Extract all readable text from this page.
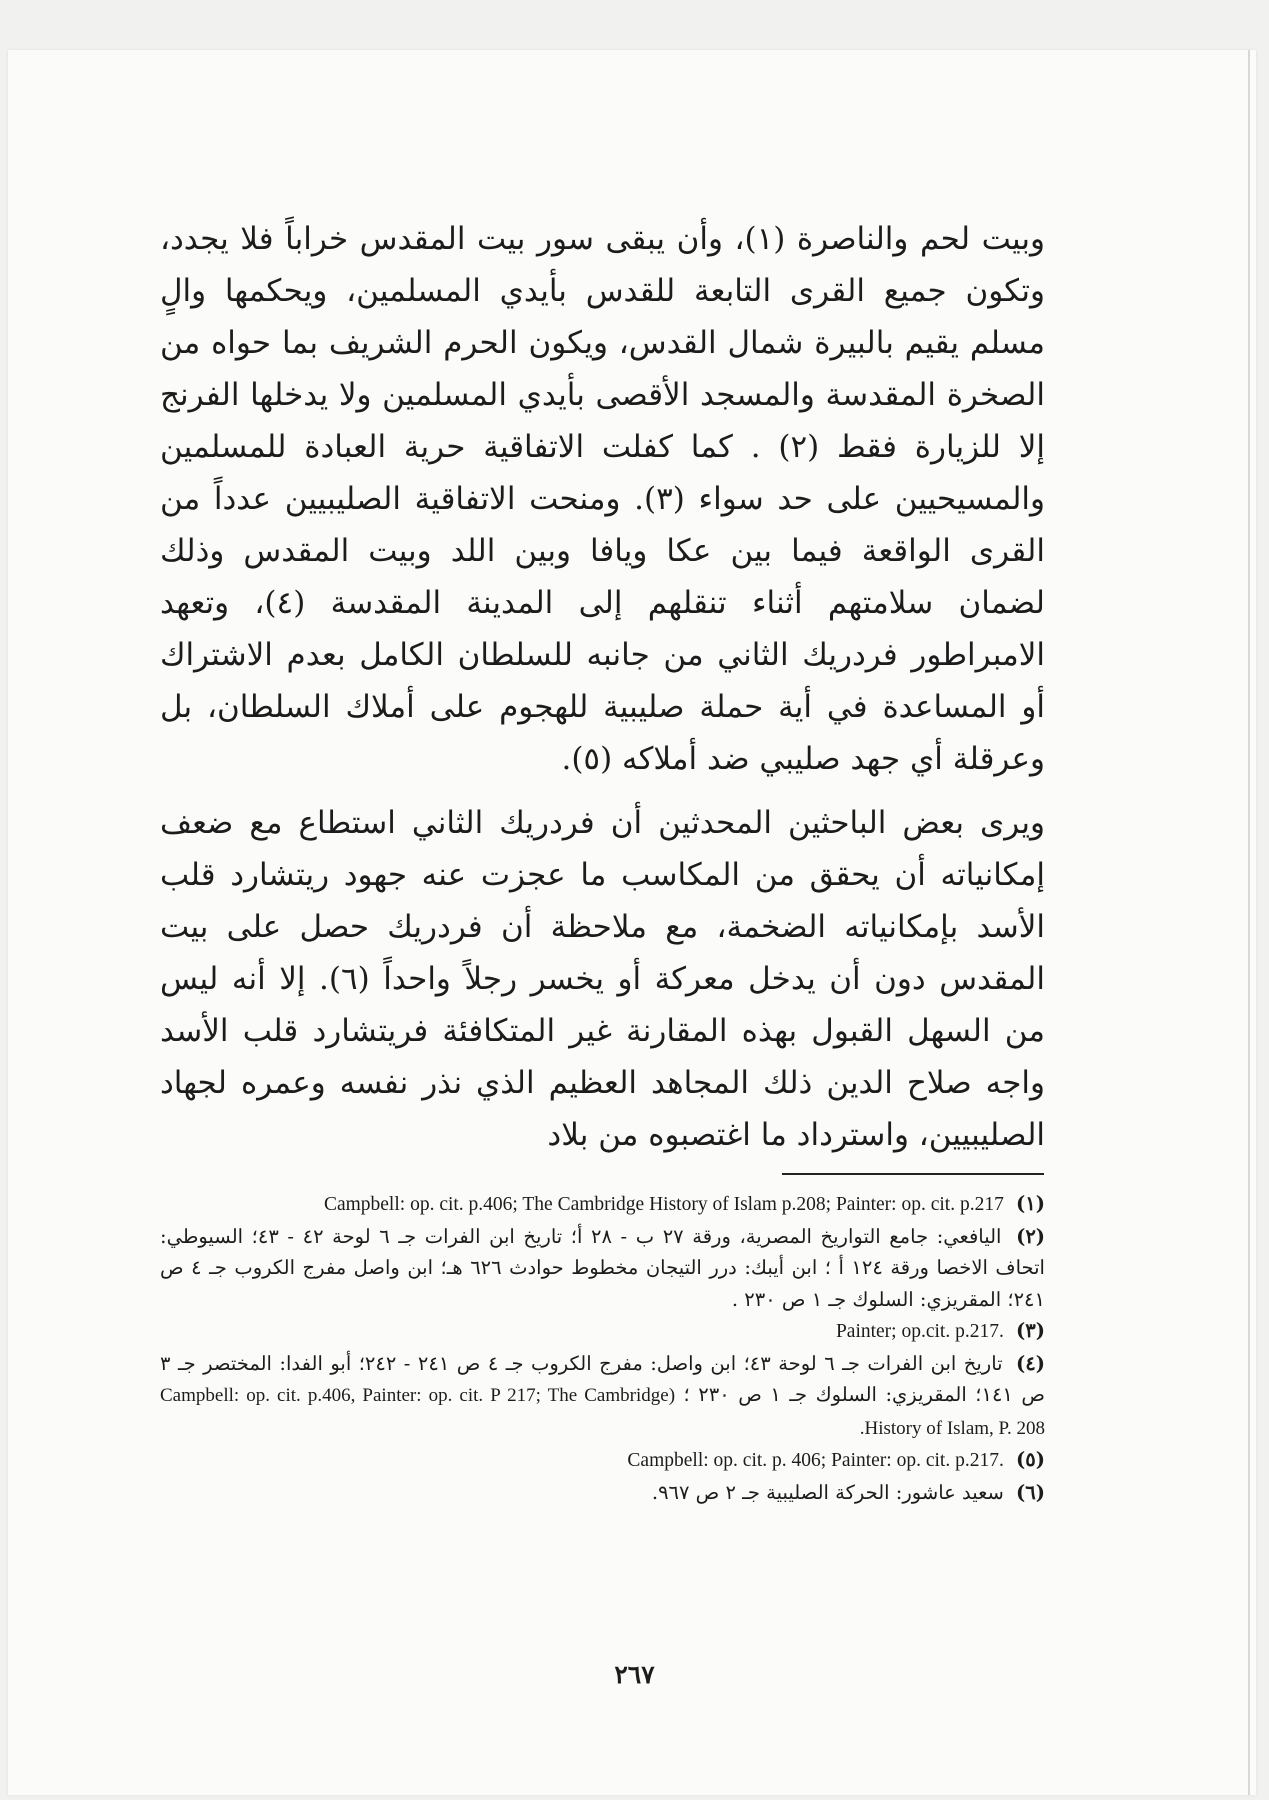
وبيت لحم والناصرة (١)، وأن يبقى سور بيت المقدس خراباً فلا يجدد، وتكون جميع القرى التابعة للقدس بأيدي المسلمين، ويحكمها والٍ مسلم يقيم بالبيرة شمال القدس، ويكون الحرم الشريف بما حواه من الصخرة المقدسة والمسجد الأقصى بأيدي المسلمين ولا يدخلها الفرنج إلا للزيارة فقط (٢) . كما كفلت الاتفاقية حرية العبادة للمسلمين والمسيحيين على حد سواء (٣). ومنحت الاتفاقية الصليبيين عدداً من القرى الواقعة فيما بين عكا ويافا وبين اللد وبيت المقدس وذلك لضمان سلامتهم أثناء تنقلهم إلى المدينة المقدسة (٤)، وتعهد الامبراطور فردريك الثاني من جانبه للسلطان الكامل بعدم الاشتراك أو المساعدة في أية حملة صليبية للهجوم على أملاك السلطان، بل وعرقلة أي جهد صليبي ضد أملاكه (٥).

ويرى بعض الباحثين المحدثين أن فردريك الثاني استطاع مع ضعف إمكانياته أن يحقق من المكاسب ما عجزت عنه جهود ريتشارد قلب الأسد بإمكانياته الضخمة، مع ملاحظة أن فردريك حصل على بيت المقدس دون أن يدخل معركة أو يخسر رجلاً واحداً (٦). إلا أنه ليس من السهل القبول بهذه المقارنة غير المتكافئة فريتشارد قلب الأسد واجه صلاح الدين ذلك المجاهد العظيم الذي نذر نفسه وعمره لجهاد الصليبيين، واسترداد ما اغتصبوه من بلاد

(١) Campbell: op. cit. p.406; The Cambridge History of Islam p.208; Painter: op. cit. p.217

(٢) اليافعي: جامع التواريخ المصرية، ورقة ٢٧ ب - ٢٨ أ؛ تاريخ ابن الفرات جـ ٦ لوحة ٤٢ - ٤٣؛ السيوطي: اتحاف الاخصا ورقة ١٢٤ أ ؛ ابن أيبك: درر التيجان مخطوط حوادث ٦٢٦ هـ؛ ابن واصل مفرج الكروب جـ ٤ ص ٢٤١؛ المقريزي: السلوك جـ ١ ص ٢٣٠ .

(٣) Painter; op.cit. p.217.

(٤) تاريخ ابن الفرات جـ ٦ لوحة ٤٣؛ ابن واصل: مفرج الكروب جـ ٤ ص ٢٤١ - ٢٤٢؛ أبو الفدا: المختصر جـ ٣ ص ١٤١؛ المقريزي: السلوك جـ ١ ص ٢٣٠ ؛ (Campbell: op. cit. p.406, Painter: op. cit. P 217; The Cambridge History of Islam, P. 208.

(٥) Campbell: op. cit. p. 406; Painter: op. cit. p.217.

(٦) سعيد عاشور: الحركة الصليبية جـ ٢ ص ٩٦٧.

٢٦٧
